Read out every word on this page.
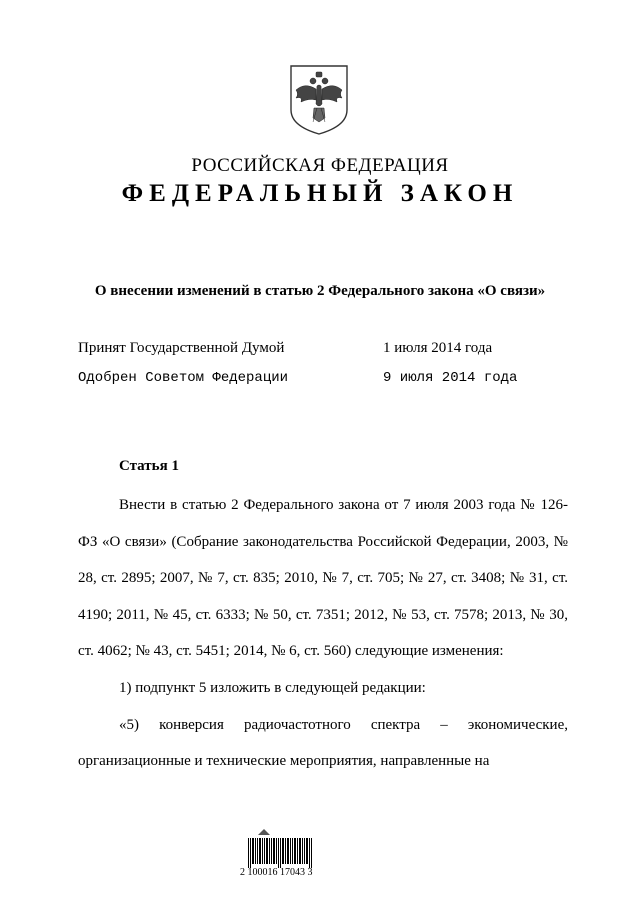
РОССИЙСКАЯ ФЕДЕРАЦИЯ
ФЕДЕРАЛЬНЫЙ ЗАКОН
О внесении изменений в статью 2 Федерального закона «О связи»
Принят Государственной Думой	1 июля 2014 года
Одобрен Советом Федерации	9 июля 2014 года
Статья 1

Внести в статью 2 Федерального закона от 7 июля 2003 года № 126-ФЗ «О связи» (Собрание законодательства Российской Федерации, 2003, № 28, ст. 2895; 2007, № 7, ст. 835; 2010, № 7, ст. 705; № 27, ст. 3408; № 31, ст. 4190; 2011, № 45, ст. 6333; № 50, ст. 7351; 2012, № 53, ст. 7578; 2013, № 30, ст. 4062; № 43, ст. 5451; 2014, № 6, ст. 560) следующие изменения:

1) подпункт 5 изложить в следующей редакции:

«5) конверсия радиочастотного спектра – экономические, организационные и технические мероприятия, направленные на

2 100016 17043 3
